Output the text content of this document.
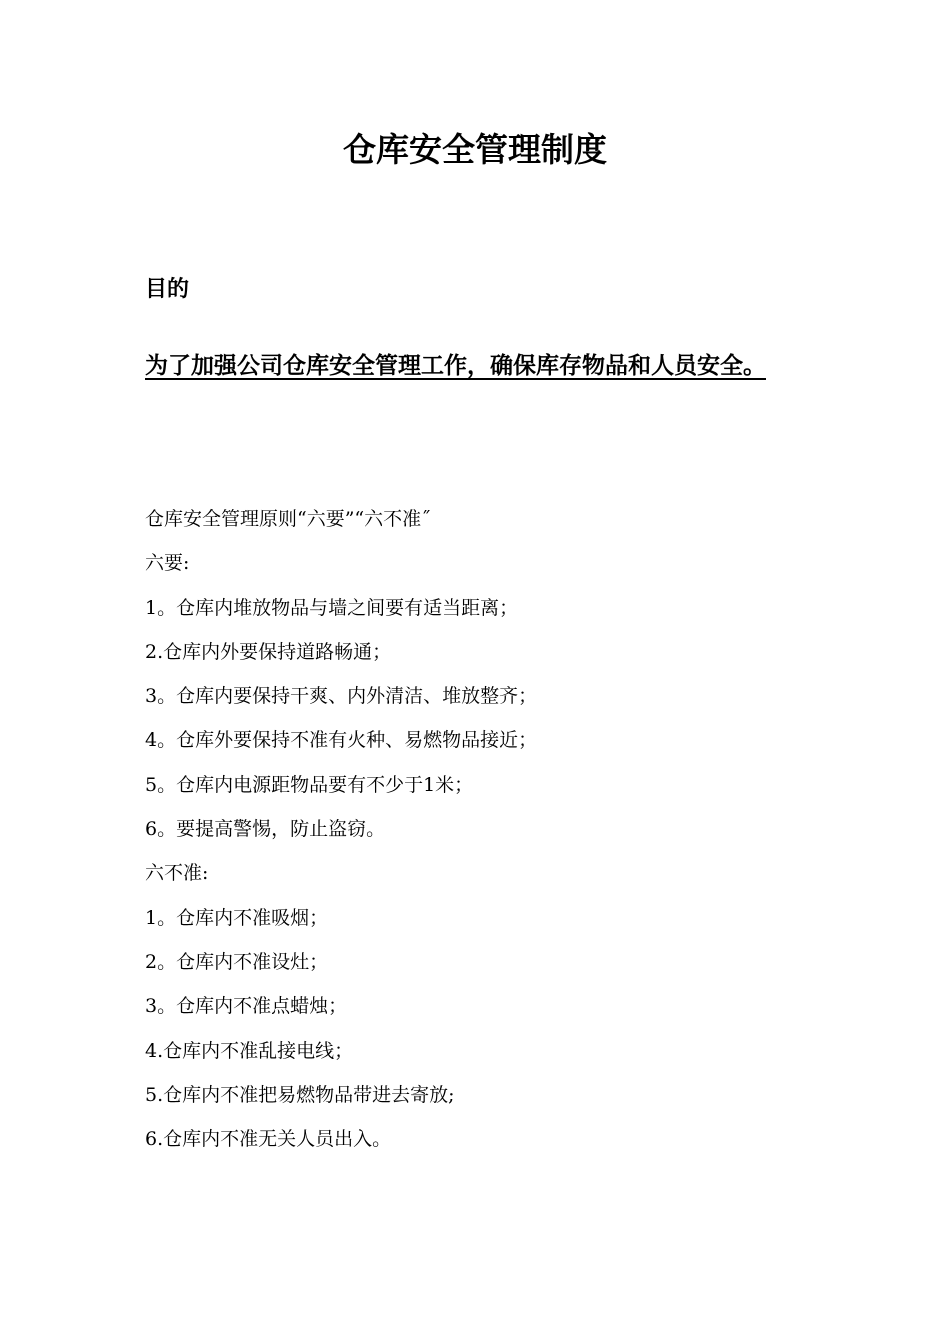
仓库安全管理制度
目的

为了加强公司仓库安全管理工作，确保库存物品和人员安全。

仓库安全管理原则“六要”“六不准˝
六要:
1。仓库内堆放物品与墙之间要有适当距离；
2.仓库内外要保持道路畅通；
3。仓库内要保持干爽、内外清洁、堆放整齐；
4。仓库外要保持不准有火种、易燃物品接近；
5。仓库内电源距物品要有不少于1米；
6。要提高警惕，防止盗窃。
六不准:
1。仓库内不准吸烟；
2。仓库内不准设灶；
3。仓库内不准点蜡烛；
4.仓库内不准乱接电线；
5.仓库内不准把易燃物品带进去寄放;
6.仓库内不准无关人员出入。
